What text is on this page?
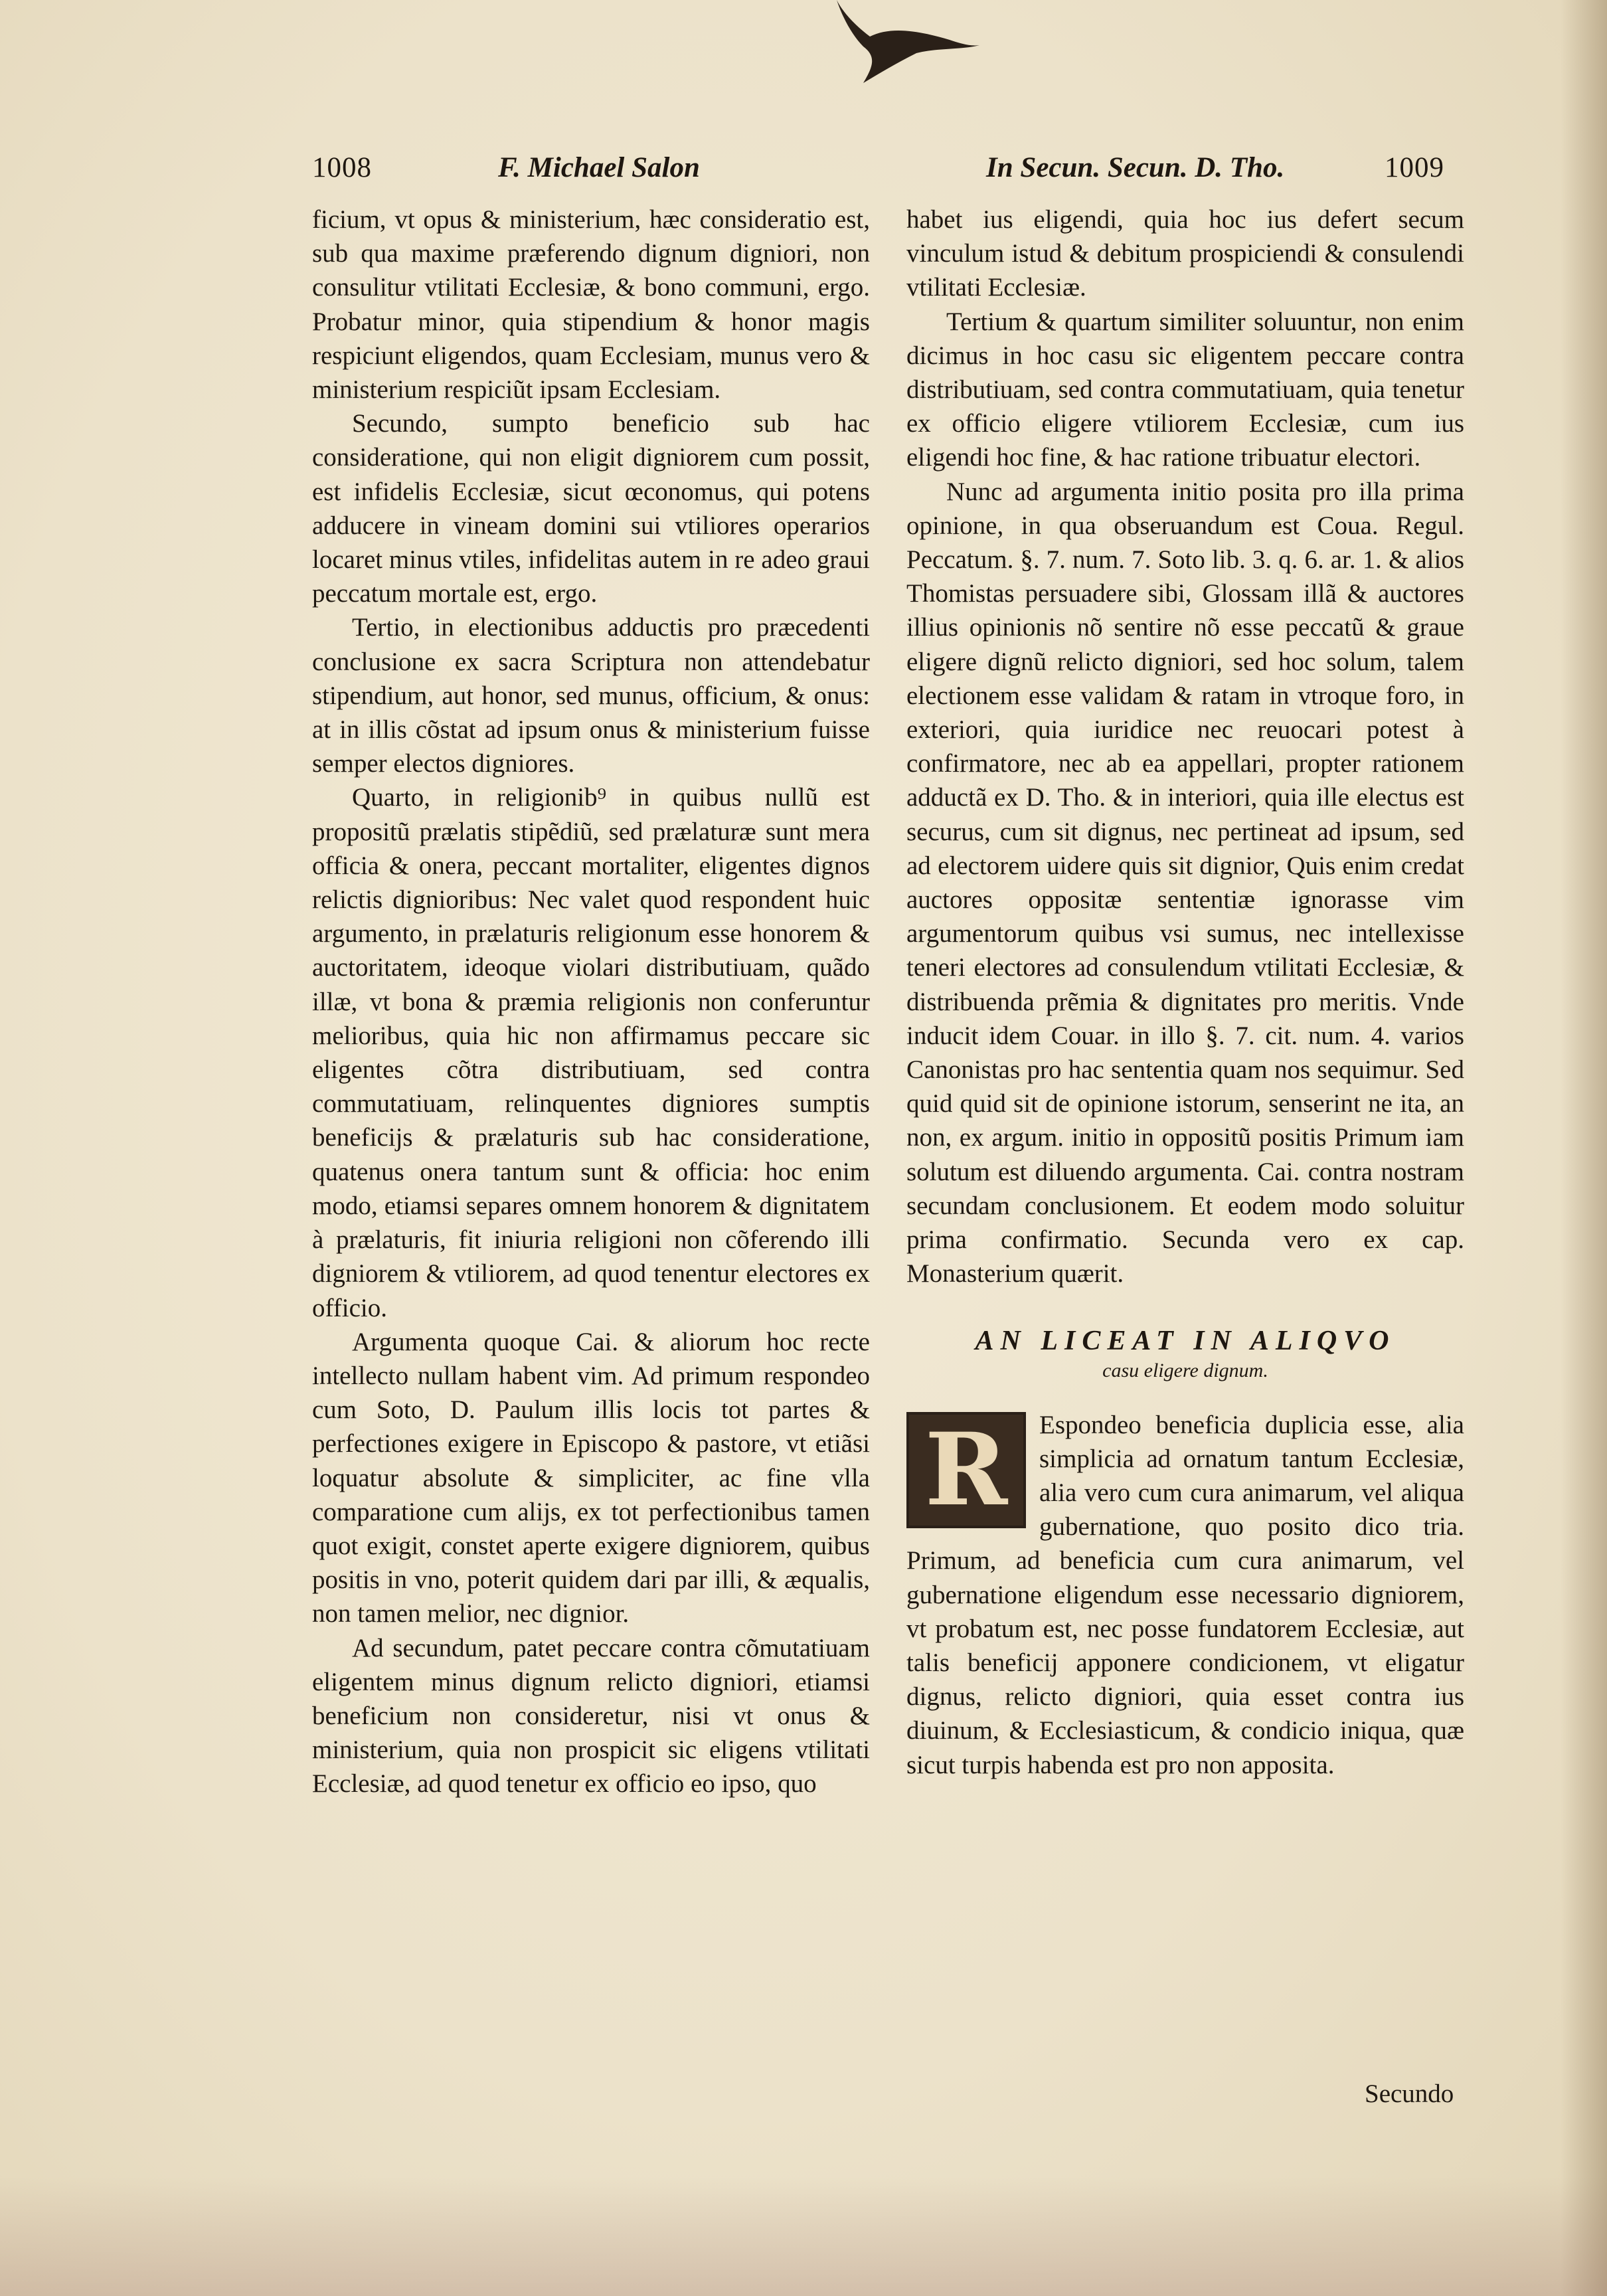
1008	F. Michael Salon	In Secun. Secun. D. Tho.	1009

ficium, vt opus & ministerium, hæc consideratio est, sub qua maxime præferendo dignum digniori, non consulitur vtilitati Ecclesiæ, & bono communi, ergo. Probatur minor, quia stipendium & honor magis respiciunt eligendos, quam Ecclesiam, munus vero & ministerium respiciũt ipsam Ecclesiam.

Secundo, sumpto beneficio sub hac consideratione, qui non eligit digniorem cum possit, est infidelis Ecclesiæ, sicut œconomus, qui potens adducere in vineam domini sui vtiliores operarios locaret minus vtiles, infidelitas autem in re adeo graui peccatum mortale est, ergo.

Tertio, in electionibus adductis pro præcedenti conclusione ex sacra Scriptura non attendebatur stipendium, aut honor, sed munus, officium, & onus: at in illis cõstat ad ipsum onus & ministerium fuisse semper electos digniores.

Quarto, in religionib⁹ in quibus nullũ est propositũ prælatis stipẽdiũ, sed prælaturæ sunt mera officia & onera, peccant mortaliter, eligentes dignos relictis dignioribus: Nec valet quod respondent huic argumento, in prælaturis religionum esse honorem & auctoritatem, ideoque violari distributiuam, quãdo illæ, vt bona & præmia religionis non conferuntur melioribus, quia hic non affirmamus peccare sic eligentes cõtra distributiuam, sed contra commutatiuam, relinquentes digniores sumptis beneficijs & prælaturis sub hac consideratione, quatenus onera tantum sunt & officia: hoc enim modo, etiamsi separes omnem honorem & dignitatem à prælaturis, fit iniuria religioni non cõferendo illi digniorem & vtiliorem, ad quod tenentur electores ex officio.

Argumenta quoque Cai. & aliorum hoc recte intellecto nullam habent vim. Ad primum respondeo cum Soto, D. Paulum illis locis tot partes & perfectiones exigere in Episcopo & pastore, vt etiãsi loquatur absolute & simpliciter, ac fine vlla comparatione cum alijs, ex tot perfectionibus tamen quot exigit, constet aperte exigere digniorem, quibus positis in vno, poterit quidem dari par illi, & æqualis, non tamen melior, nec dignior.

Ad secundum, patet peccare contra cõmutatiuam eligentem minus dignum relicto digniori, etiamsi beneficium non consideretur, nisi vt onus & ministerium, quia non prospicit sic eligens vtilitati Ecclesiæ, ad quod tenetur ex officio eo ipso, quo

habet ius eligendi, quia hoc ius defert secum vinculum istud & debitum prospiciendi & consulendi vtilitati Ecclesiæ.

Tertium & quartum similiter soluuntur, non enim dicimus in hoc casu sic eligentem peccare contra distributiuam, sed contra commutatiuam, quia tenetur ex officio eligere vtiliorem Ecclesiæ, cum ius eligendi hoc fine, & hac ratione tribuatur electori.

Nunc ad argumenta initio posita pro illa prima opinione, in qua obseruandum est Coua. Regul. Peccatum. §. 7. num. 7. Soto lib. 3. q. 6. ar. 1. & alios Thomistas persuadere sibi, Glossam illã & auctores illius opinionis nõ sentire nõ esse peccatũ & graue eligere dignũ relicto digniori, sed hoc solum, talem electionem esse validam & ratam in vtroque foro, in exteriori, quia iuridice nec reuocari potest à confirmatore, nec ab ea appellari, propter rationem adductã ex D. Tho. & in interiori, quia ille electus est securus, cum sit dignus, nec pertineat ad ipsum, sed ad electorem uidere quis sit dignior, Quis enim credat auctores oppositæ sententiæ ignorasse vim argumentorum quibus vsi sumus, nec intellexisse teneri electores ad consulendum vtilitati Ecclesiæ, & distribuenda prẽmia & dignitates pro meritis. Vnde inducit idem Couar. in illo §. 7. cit. num. 4. varios Canonistas pro hac sententia quam nos sequimur. Sed quid quid sit de opinione istorum, senserint ne ita, an non, ex argum. initio in oppositũ positis Primum iam solutum est diluendo argumenta. Cai. contra nostram secundam conclusionem. Et eodem modo soluitur prima confirmatio. Secunda vero ex cap. Monasterium quærit.

AN LICEAT IN ALIQVO
casu eligere dignum.
R	Espondeo beneficia duplicia esse, alia simplicia ad ornatum tantum Ecclesiæ, alia vero cum cura animarum, vel aliqua gubernatione, quo posito dico tria. Primum, ad beneficia cum cura animarum, vel gubernatione eligendum esse necessario digniorem, vt probatum est, nec posse fundatorem Ecclesiæ, aut talis beneficij apponere condicionem, vt eligatur dignus, relicto digniori, quia esset contra ius diuinum, & Ecclesiasticum, & condicio iniqua, quæ sicut turpis habenda est pro non apposita.

Secundo
